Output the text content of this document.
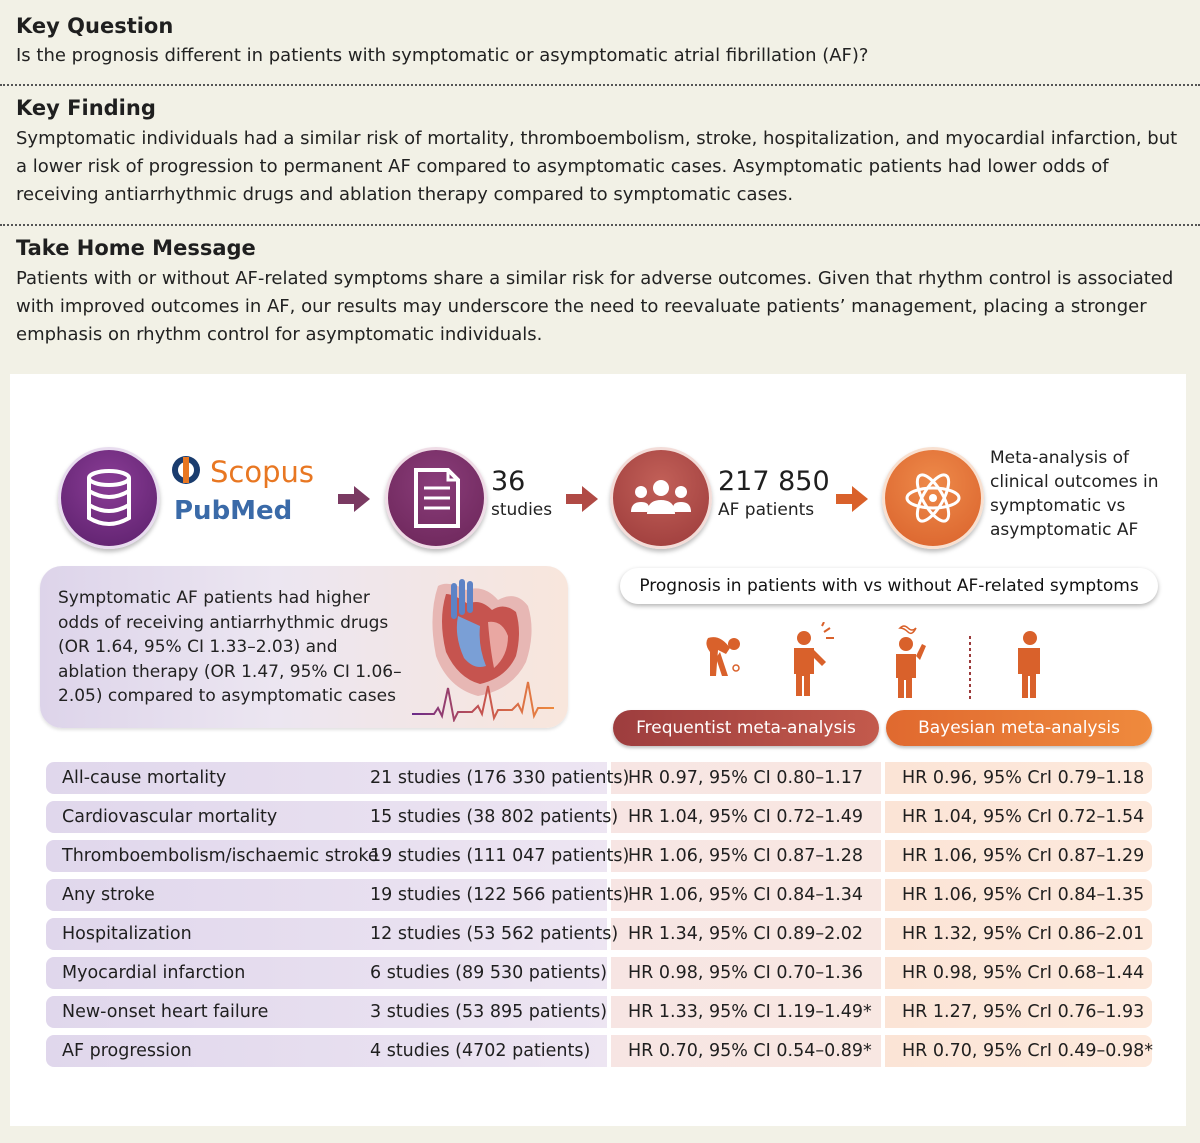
Key Question
Is the prognosis different in patients with symptomatic or asymptomatic atrial fibrillation (AF)?
Key Finding
Symptomatic individuals had a similar risk of mortality, thromboembolism, stroke, hospitalization, and myocardial infarction, but a lower risk of progression to permanent AF compared to asymptomatic cases. Asymptomatic patients had lower odds of receiving antiarrhythmic drugs and ablation therapy compared to symptomatic cases.
Take Home Message
Patients with or without AF-related symptoms share a similar risk for adverse outcomes. Given that rhythm control is associated with improved outcomes in AF, our results may underscore the need to reevaluate patients’ management, placing a stronger emphasis on rhythm control for asymptomatic individuals.
Scopus
PubMed
36
studies
217 850
AF patients
Meta-analysis of clinical outcomes in symptomatic vs asymptomatic AF
Symptomatic AF patients had higher odds of receiving antiarrhythmic drugs (OR 1.64, 95% CI 1.33–2.03) and ablation therapy (OR 1.47, 95% CI 1.06–2.05) compared to asymptomatic cases
Prognosis in patients with vs without AF-related symptoms
Frequentist meta-analysis	Bayesian meta-analysis
All-cause mortality	21 studies (176 330 patients)
HR 0.97, 95% CI 0.80–1.17 HR 0.96, 95% CrI 0.79–1.18
Cardiovascular mortality	15 studies (38 802 patients) HR 1.04, 95% CI 0.72–1.49 HR 1.04, 95% CrI 0.72–1.54
Thromboembolism/ischaemic stroke
19 studies (111 047 patients)
HR 1.06, 95% CI 0.87–1.28 HR 1.06, 95% CrI 0.87–1.29
Any stroke	19 studies (122 566 patients)
HR 1.06, 95% CI 0.84–1.34 HR 1.06, 95% CrI 0.84–1.35
Hospitalization	12 studies (53 562 patients) HR 1.34, 95% CI 0.89–2.02 HR 1.32, 95% CrI 0.86–2.01
Myocardial infarction	6 studies (89 530 patients) HR 0.98, 95% CI 0.70–1.36 HR 0.98, 95% CrI 0.68–1.44
New-onset heart failure	3 studies (53 895 patients) HR 1.33, 95% CI 1.19–1.49* HR 1.27, 95% CrI 0.76–1.93
AF progression	4 studies (4702 patients) HR 0.70, 95% CI 0.54–0.89* HR 0.70, 95% CrI 0.49–0.98*
